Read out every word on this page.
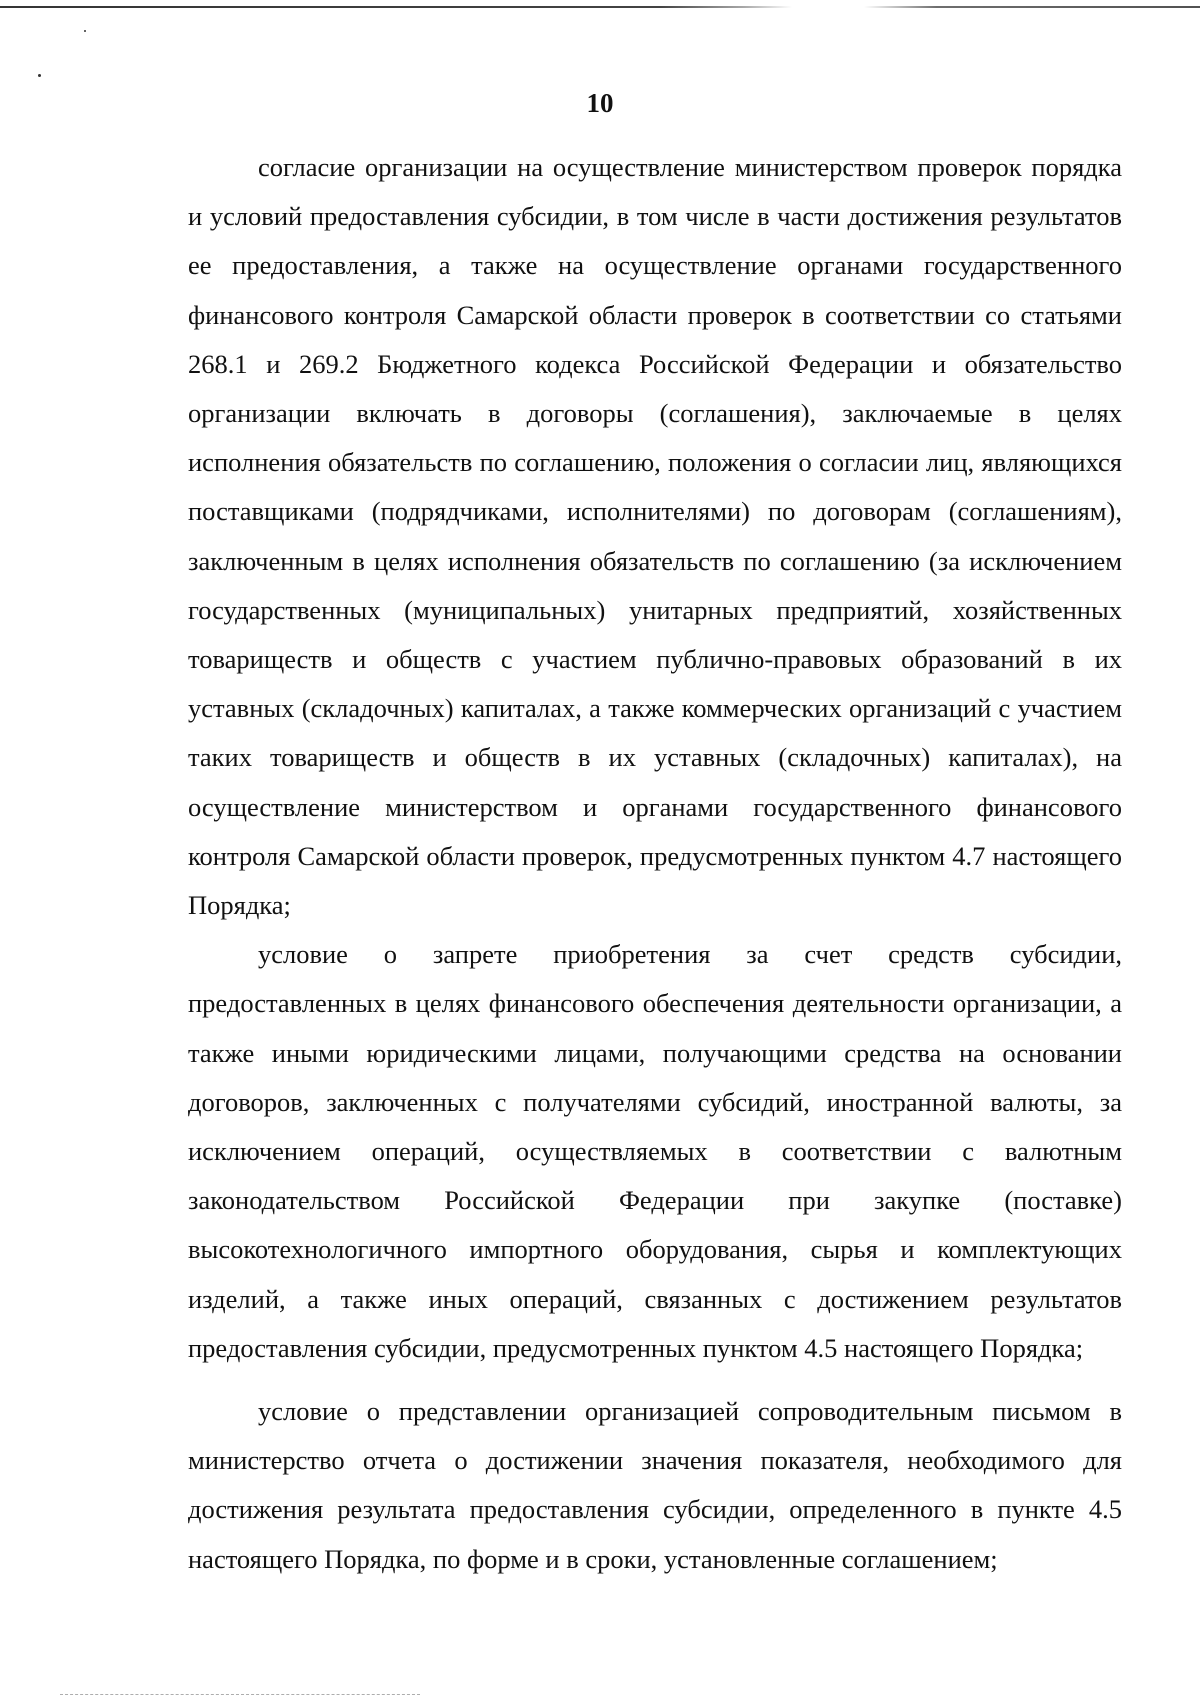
10

согласие организации на осуществление министерством проверок порядка и условий предоставления субсидии, в том числе в части достижения результатов ее предоставления, а также на осуществление органами государственного финансового контроля Самарской области проверок в соответствии со статьями 268.1 и 269.2 Бюджетного кодекса Российской Федерации и обязательство организации включать в договоры (соглашения), заключаемые в целях исполнения обязательств по соглашению, положения о согласии лиц, являющихся поставщиками (подрядчиками, исполнителями) по договорам (соглашениям), заключенным в целях исполнения обязательств по соглашению (за исключением государственных (муниципальных) унитарных предприятий, хозяйственных товариществ и обществ с участием публично-правовых образований в их уставных (складочных) капиталах, а также коммерческих организаций с участием таких товариществ и обществ в их уставных (складочных) капиталах), на осуществление министерством и органами государственного финансового контроля Самарской области проверок, предусмотренных пунктом 4.7 настоящего Порядка;

условие о запрете приобретения за счет средств субсидии, предоставленных в целях финансового обеспечения деятельности организации, а также иными юридическими лицами, получающими средства на основании договоров, заключенных с получателями субсидий, иностранной валюты, за исключением операций, осуществляемых в соответствии с валютным законодательством Российской Федерации при закупке (поставке) высокотехнологичного импортного оборудования, сырья и комплектующих изделий, а также иных операций, связанных с достижением результатов предоставления субсидии, предусмотренных пунктом 4.5 настоящего Порядка;

условие о представлении организацией сопроводительным письмом в министерство отчета о достижении значения показателя, необходимого для достижения результата предоставления субсидии, определенного в пункте 4.5 настоящего Порядка, по форме и в сроки, установленные соглашением;
